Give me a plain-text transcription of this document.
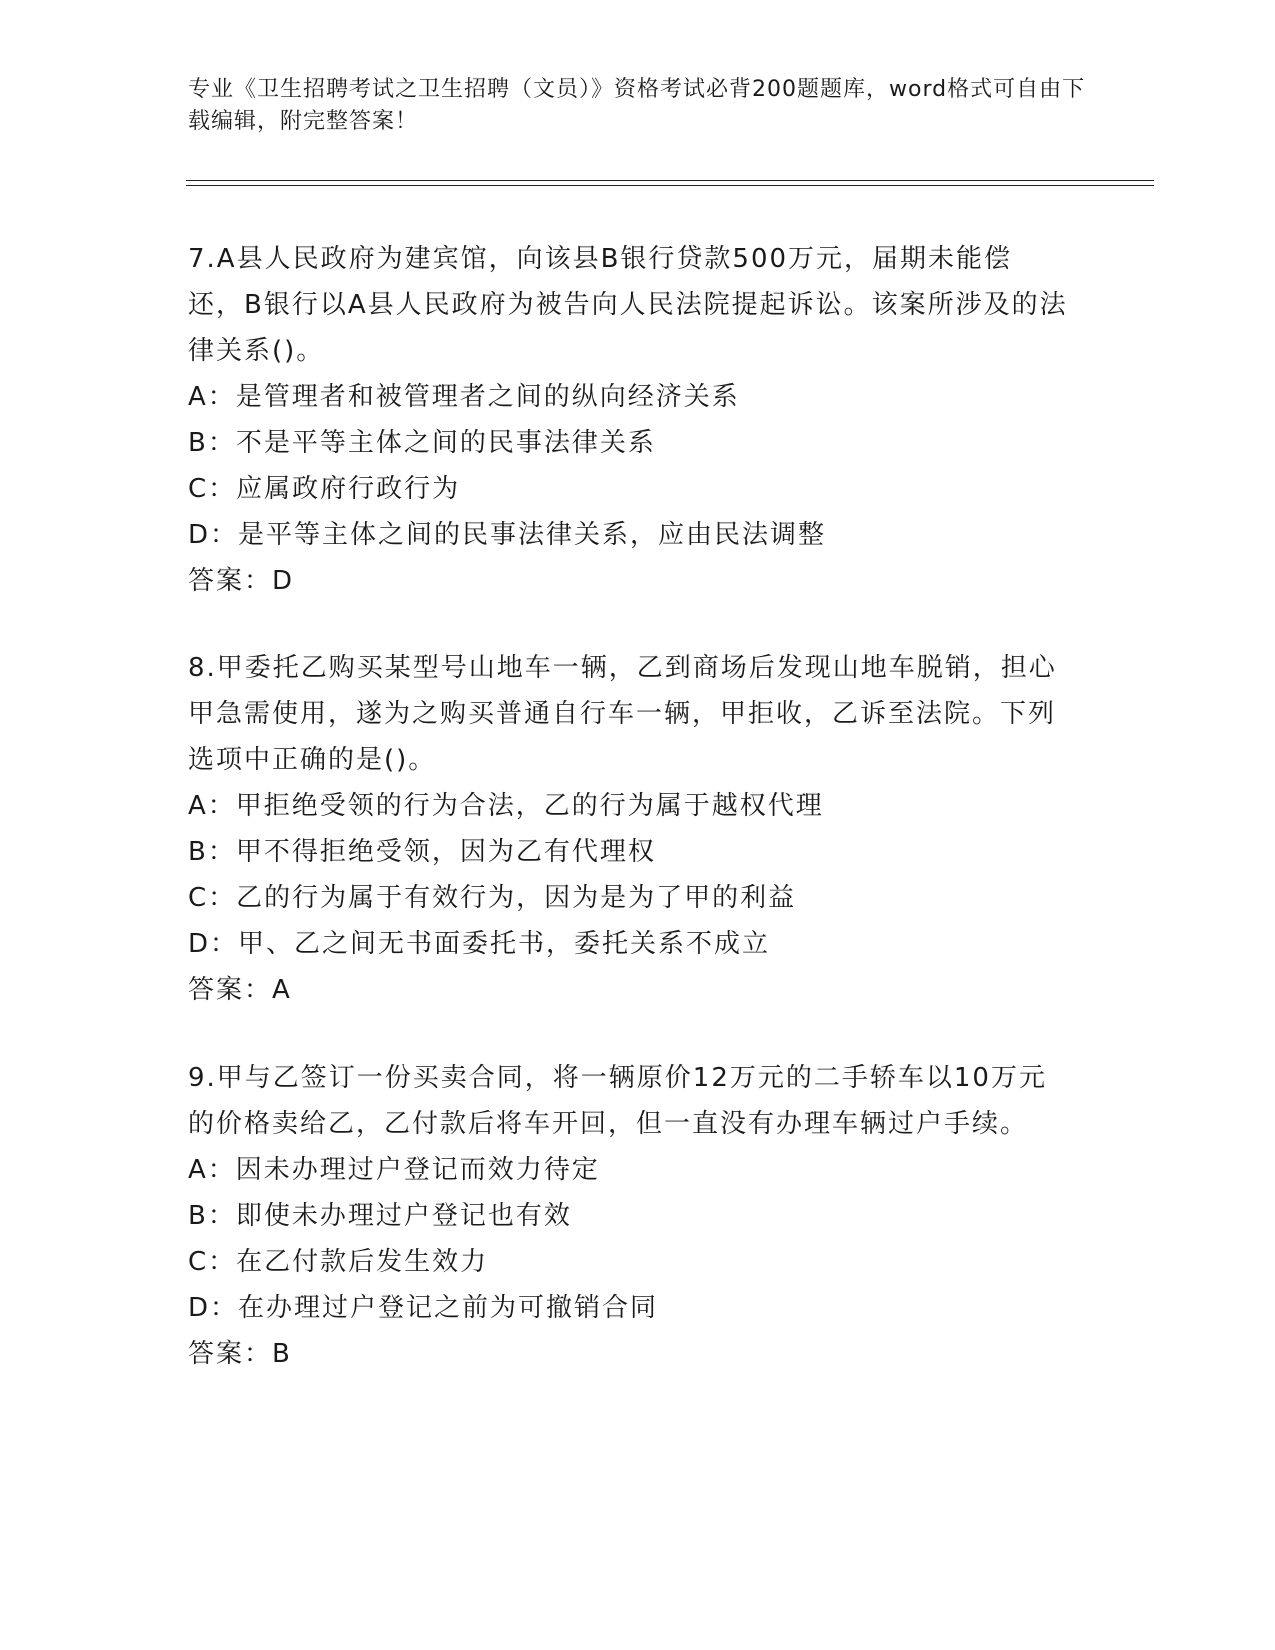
专业《卫生招聘考试之卫生招聘（文员）》资格考试必背200题题库，word格式可自由下载编辑，附完整答案！

7.A县人民政府为建宾馆，向该县B银行贷款500万元，届期未能偿还，B银行以A县人民政府为被告向人民法院提起诉讼。该案所涉及的法律关系()。

A：是管理者和被管理者之间的纵向经济关系

B：不是平等主体之间的民事法律关系

C：应属政府行政行为

D：是平等主体之间的民事法律关系，应由民法调整

答案：D

8.甲委托乙购买某型号山地车一辆，乙到商场后发现山地车脱销，担心甲急需使用，遂为之购买普通自行车一辆，甲拒收，乙诉至法院。下列选项中正确的是()。

A：甲拒绝受领的行为合法，乙的行为属于越权代理

B：甲不得拒绝受领，因为乙有代理权

C：乙的行为属于有效行为，因为是为了甲的利益

D：甲、乙之间无书面委托书，委托关系不成立

答案：A

9.甲与乙签订一份买卖合同，将一辆原价12万元的二手轿车以10万元的价格卖给乙，乙付款后将车开回，但一直没有办理车辆过户手续。

A：因未办理过户登记而效力待定

B：即使未办理过户登记也有效

C：在乙付款后发生效力

D：在办理过户登记之前为可撤销合同

答案：B
